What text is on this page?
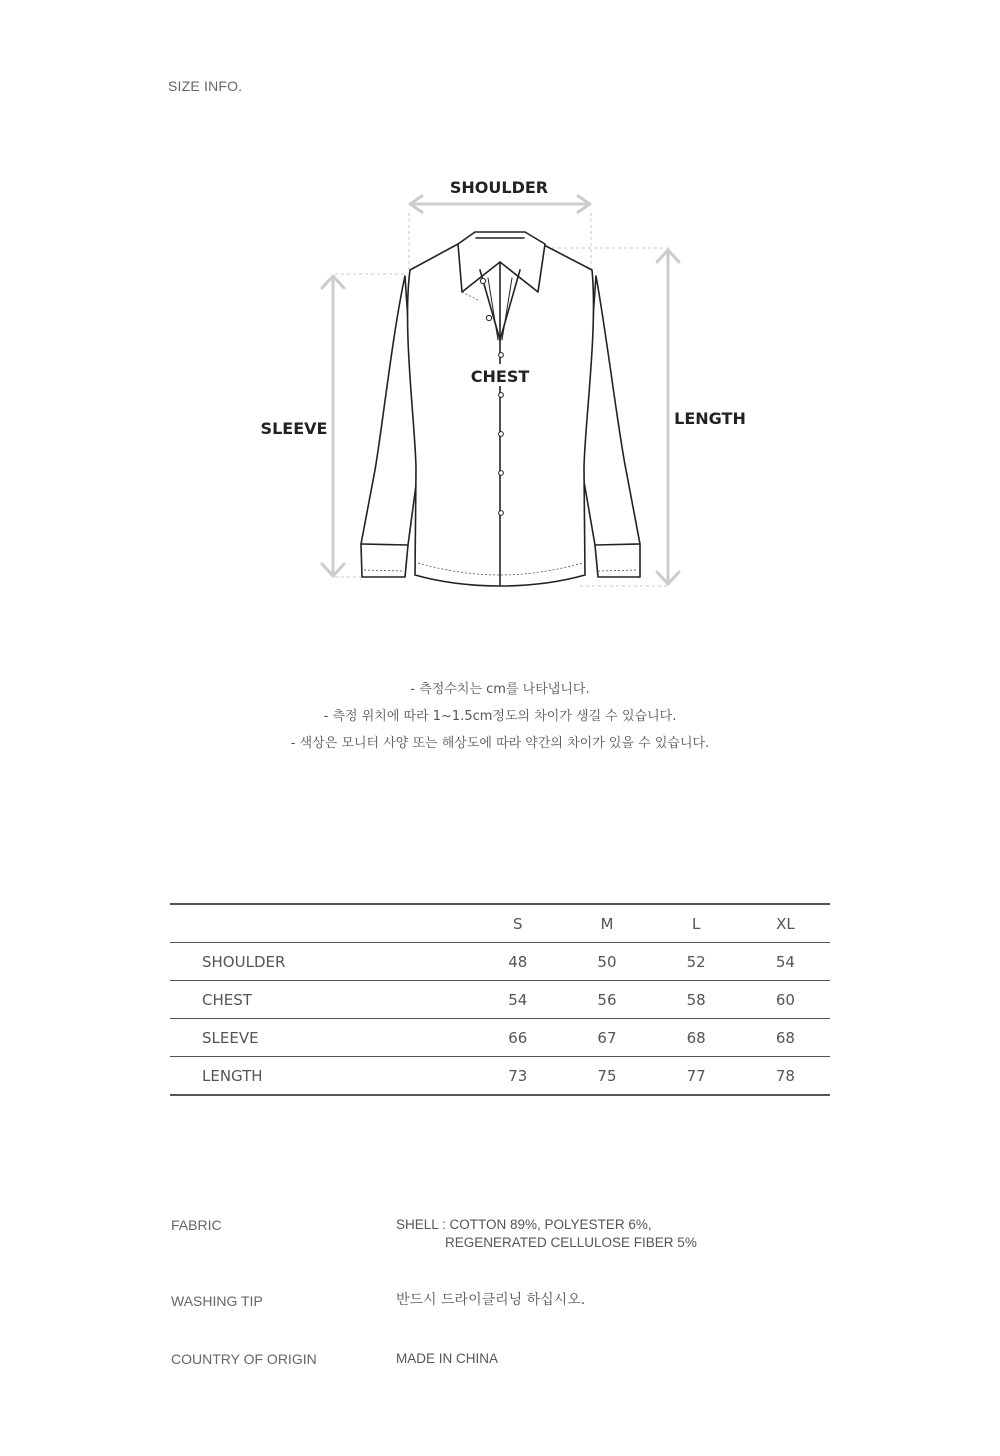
SIZE INFO.
SHOULDER
CHEST
SLEEVE
LENGTH
- 측정수치는 cm를 나타냅니다.
- 측정 위치에 따라 1~1.5cm정도의 차이가 생길 수 있습니다.
- 색상은 모니터 사양 또는 해상도에 따라 약간의 차이가 있을 수 있습니다.
	S	M	L	XL
SHOULDER	48	50	52	54
CHEST	54	56	58	60
SLEEVE	66	67	68	68
LENGTH	73	75	77	78
FABRIC	SHELL : COTTON 89%, POLYESTER 6%,
REGENERATED CELLULOSE FIBER 5%
WASHING TIP	반드시 드라이클리닝 하십시오.
COUNTRY OF ORIGIN	MADE IN CHINA
